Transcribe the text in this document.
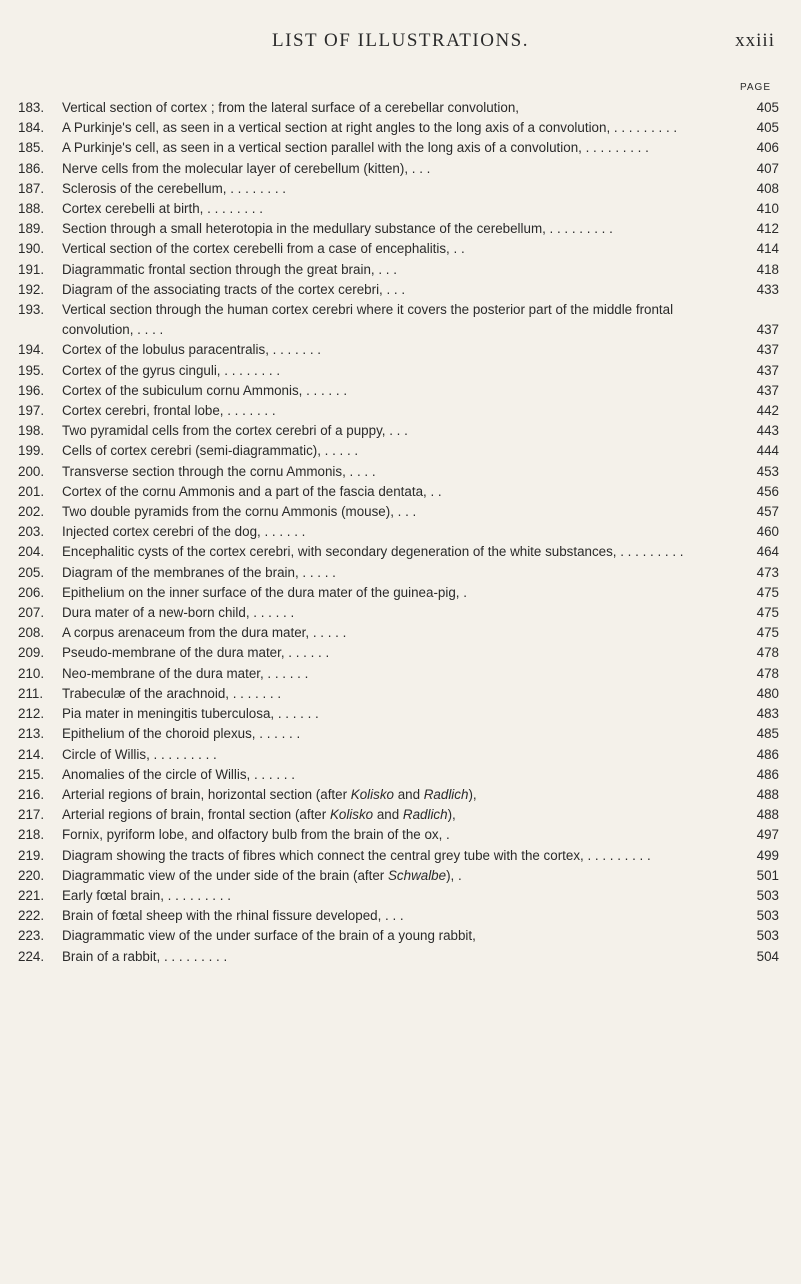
LIST OF ILLUSTRATIONS.	xxiii
PAGE
183.	Vertical section of cortex ; from the lateral surface of a cerebellar convolution,	405
184.	A Purkinje's cell, as seen in a vertical section at right angles to the long axis of a convolution, . . . . . . . . .	405
185.	A Purkinje's cell, as seen in a vertical section parallel with the long axis of a convolution, . . . . . . . . .	406
186.	Nerve cells from the molecular layer of cerebellum (kitten), . . .	407
187.	Sclerosis of the cerebellum, . . . . . . . .	408
188.	Cortex cerebelli at birth, . . . . . . . .	410
189.	Section through a small heterotopia in the medullary substance of the cerebellum, . . . . . . . . .	412
190.	Vertical section of the cortex cerebelli from a case of encephalitis, . .	414
191.	Diagrammatic frontal section through the great brain, . . .	418
192.	Diagram of the associating tracts of the cortex cerebri, . . .	433
193.	Vertical section through the human cortex cerebri where it covers the posterior part of the middle frontal convolution, . . . .	437
194.	Cortex of the lobulus paracentralis, . . . . . . .	437
195.	Cortex of the gyrus cinguli, . . . . . . . .	437
196.	Cortex of the subiculum cornu Ammonis, . . . . . .	437
197.	Cortex cerebri, frontal lobe, . . . . . . .	442
198.	Two pyramidal cells from the cortex cerebri of a puppy, . . .	443
199.	Cells of cortex cerebri (semi-diagrammatic), . . . . .	444
200.	Transverse section through the cornu Ammonis, . . . .	453
201.	Cortex of the cornu Ammonis and a part of the fascia dentata, . .	456
202.	Two double pyramids from the cornu Ammonis (mouse), . . .	457
203.	Injected cortex cerebri of the dog, . . . . . .	460
204.	Encephalitic cysts of the cortex cerebri, with secondary degeneration of the white substances, . . . . . . . . .	464
205.	Diagram of the membranes of the brain, . . . . .	473
206.	Epithelium on the inner surface of the dura mater of the guinea-pig, .	475
207.	Dura mater of a new-born child, . . . . . .	475
208.	A corpus arenaceum from the dura mater, . . . . .	475
209.	Pseudo-membrane of the dura mater, . . . . . .	478
210.	Neo-membrane of the dura mater, . . . . . .	478
211.	Trabeculæ of the arachnoid, . . . . . . .	480
212.	Pia mater in meningitis tuberculosa, . . . . . .	483
213.	Epithelium of the choroid plexus, . . . . . .	485
214.	Circle of Willis, . . . . . . . . .	486
215.	Anomalies of the circle of Willis, . . . . . .	486
216.	Arterial regions of brain, horizontal section (after Kolisko and Radlich),	488
217.	Arterial regions of brain, frontal section (after Kolisko and Radlich),	488
218.	Fornix, pyriform lobe, and olfactory bulb from the brain of the ox, .	497
219.	Diagram showing the tracts of fibres which connect the central grey tube with the cortex, . . . . . . . . .	499
220.	Diagrammatic view of the under side of the brain (after Schwalbe), .	501
221.	Early fœtal brain, . . . . . . . . .	503
222.	Brain of fœtal sheep with the rhinal fissure developed, . . .	503
223.	Diagrammatic view of the under surface of the brain of a young rabbit,	503
224.	Brain of a rabbit, . . . . . . . . .	504
